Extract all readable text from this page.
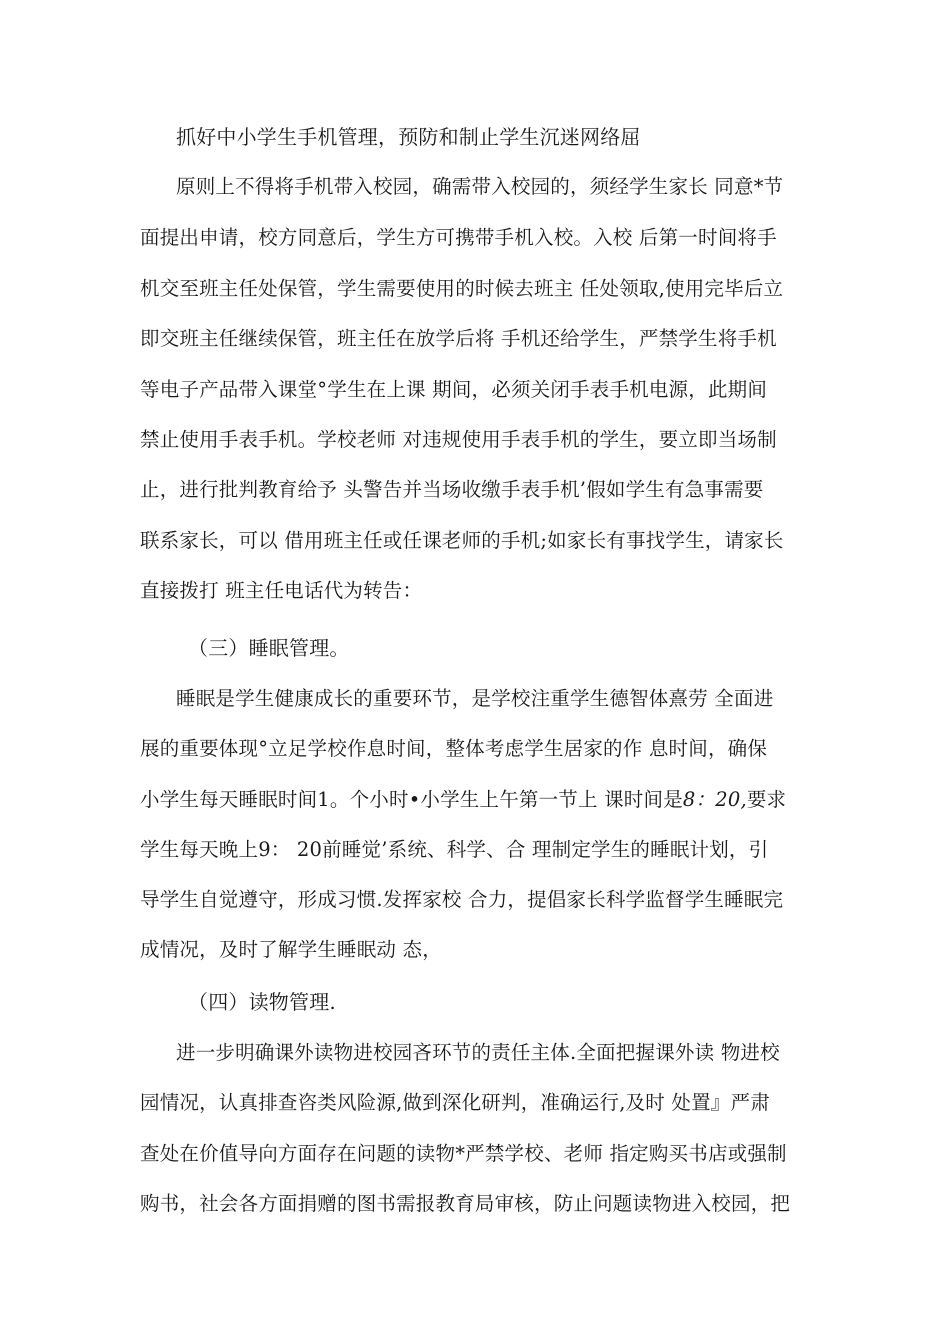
抓好中小学生手机管理，预防和制止学生沉迷网络屈
原则上不得将手机带入校园，确需带入校园的，须经学生家长 同意*节
面提出申请，校方同意后，学生方可携带手机入校。入校 后第一时间将手
机交至班主任处保管，学生需要使用的时候去班主 任处领取,使用完毕后立
即交班主任继续保管，班主任在放学后将 手机还给学生，严禁学生将手机
等电子产品带入课堂°学生在上课 期间，必须关闭手表手机电源，此期间
禁止使用手表手机。学校老师 对违规使用手表手机的学生，要立即当场制
止，进行批判教育给予 头警告并当场收缴手表手机’假如学生有急事需要
联系家长，可以 借用班主任或任课老师的手机;如家长有事找学生，请家长
直接拨打 班主任电话代为转告：
（三）睡眠管理。
睡眠是学生健康成长的重要环节，是学校注重学生德智体熹劳 全面进
展的重要体现°立足学校作息时间，整体考虑学生居家的作 息时间，确保
小学生每天睡眠时间1。个小时•小学生上午第一节上 课时间是8：20,要求
学生每天晚上9： 20前睡觉’系统、科学、合 理制定学生的睡眠计划，引
导学生自觉遵守，形成习惯.发挥家校 合力，提倡家长科学监督学生睡眠完
成情况，及时了解学生睡眠动 态，
（四）读物管理.
进一步明确课外读物进校园吝环节的责任主体.全面把握课外读 物进校
园情况，认真排查咨类风险源,做到深化研判，准确运行,及时 处置』严肃
查处在价值导向方面存在问题的读物*严禁学校、老师 指定购买书店或强制
购书，社会各方面捐赠的图书需报教育局审核，防止问题读物进入校园，把
